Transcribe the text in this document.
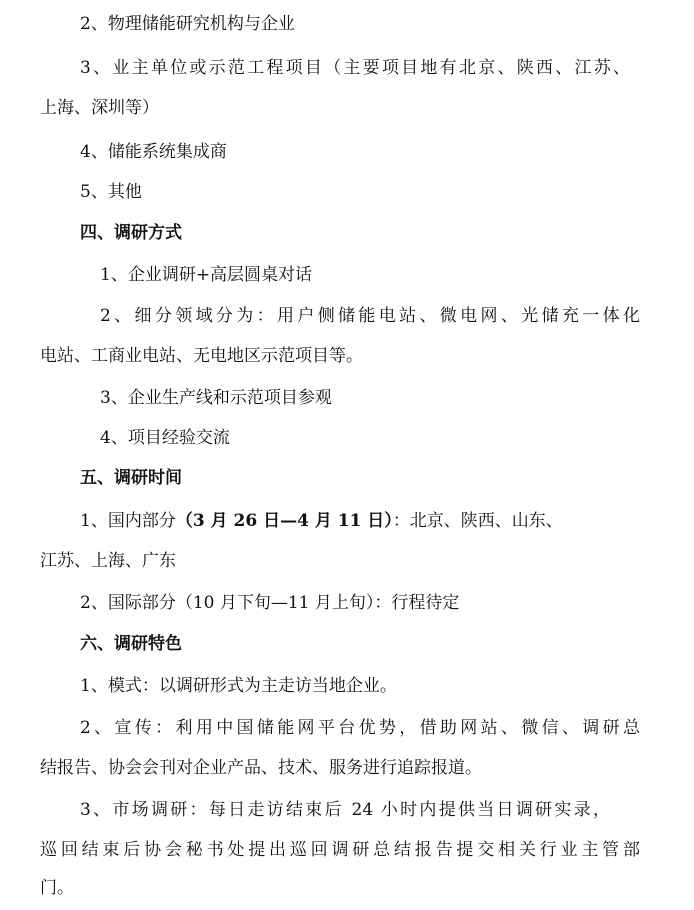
2、物理储能研究机构与企业
3、业主单位或示范工程项目（主要项目地有北京、陕西、江苏、
上海、深圳等）
4、储能系统集成商
5、其他
四、调研方式
1、企业调研+高层圆桌对话
2、细分领域分为：用户侧储能电站、微电网、光储充一体化
电站、工商业电站、无电地区示范项目等。
3、企业生产线和示范项目参观
4、项目经验交流
五、调研时间
1、国内部分（3 月 26 日—4 月 11 日）：北京、陕西、山东、
江苏、上海、广东
2、国际部分（10 月下旬—11 月上旬）：行程待定
六、调研特色
1、模式：以调研形式为主走访当地企业。
2、宣传：利用中国储能网平台优势，借助网站、微信、调研总
结报告、协会会刊对企业产品、技术、服务进行追踪报道。
3、市场调研：每日走访结束后 24 小时内提供当日调研实录，
巡回结束后协会秘书处提出巡回调研总结报告提交相关行业主管部
门。
